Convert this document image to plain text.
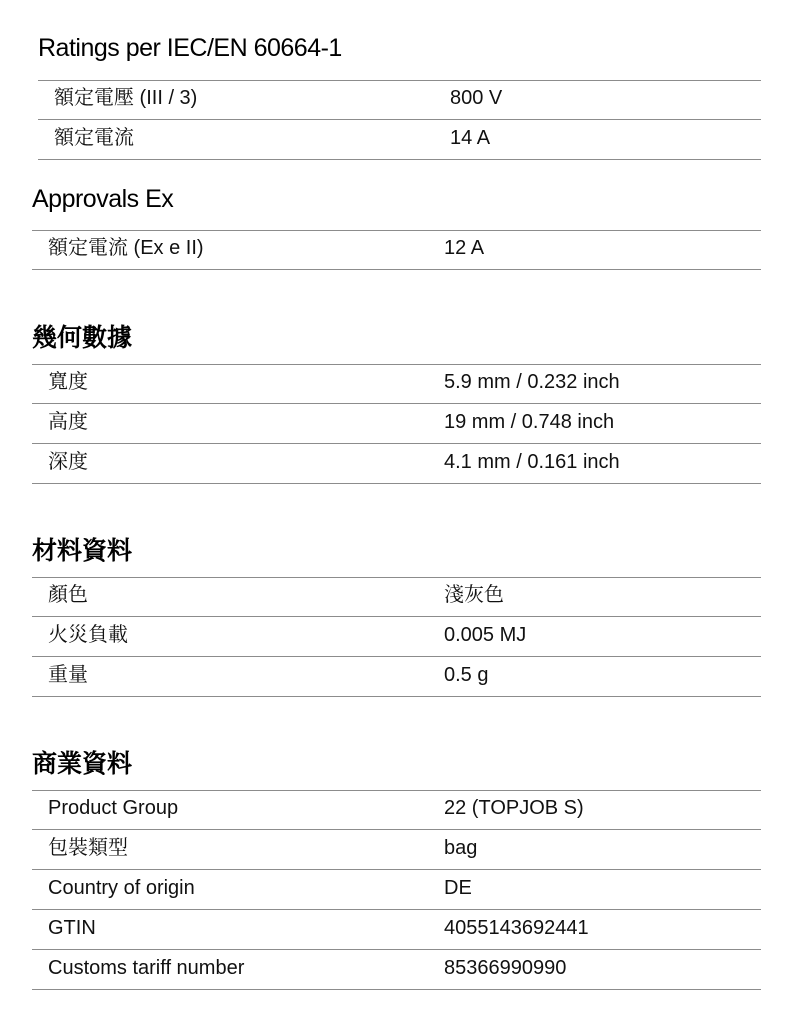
Ratings per IEC/EN 60664-1
額定電壓 (III / 3)	800 V
額定電流	14 A
Approvals Ex
額定電流 (Ex e II)	12 A
幾何數據
寬度	5.9 mm / 0.232 inch
高度	19 mm / 0.748 inch
深度	4.1 mm / 0.161 inch
材料資料
顏色	淺灰色
火災負載	0.005 MJ
重量	0.5 g
商業資料
Product Group	22 (TOPJOB S)
包裝類型	bag
Country of origin	DE
GTIN	4055143692441
Customs tariff number	85366990990
